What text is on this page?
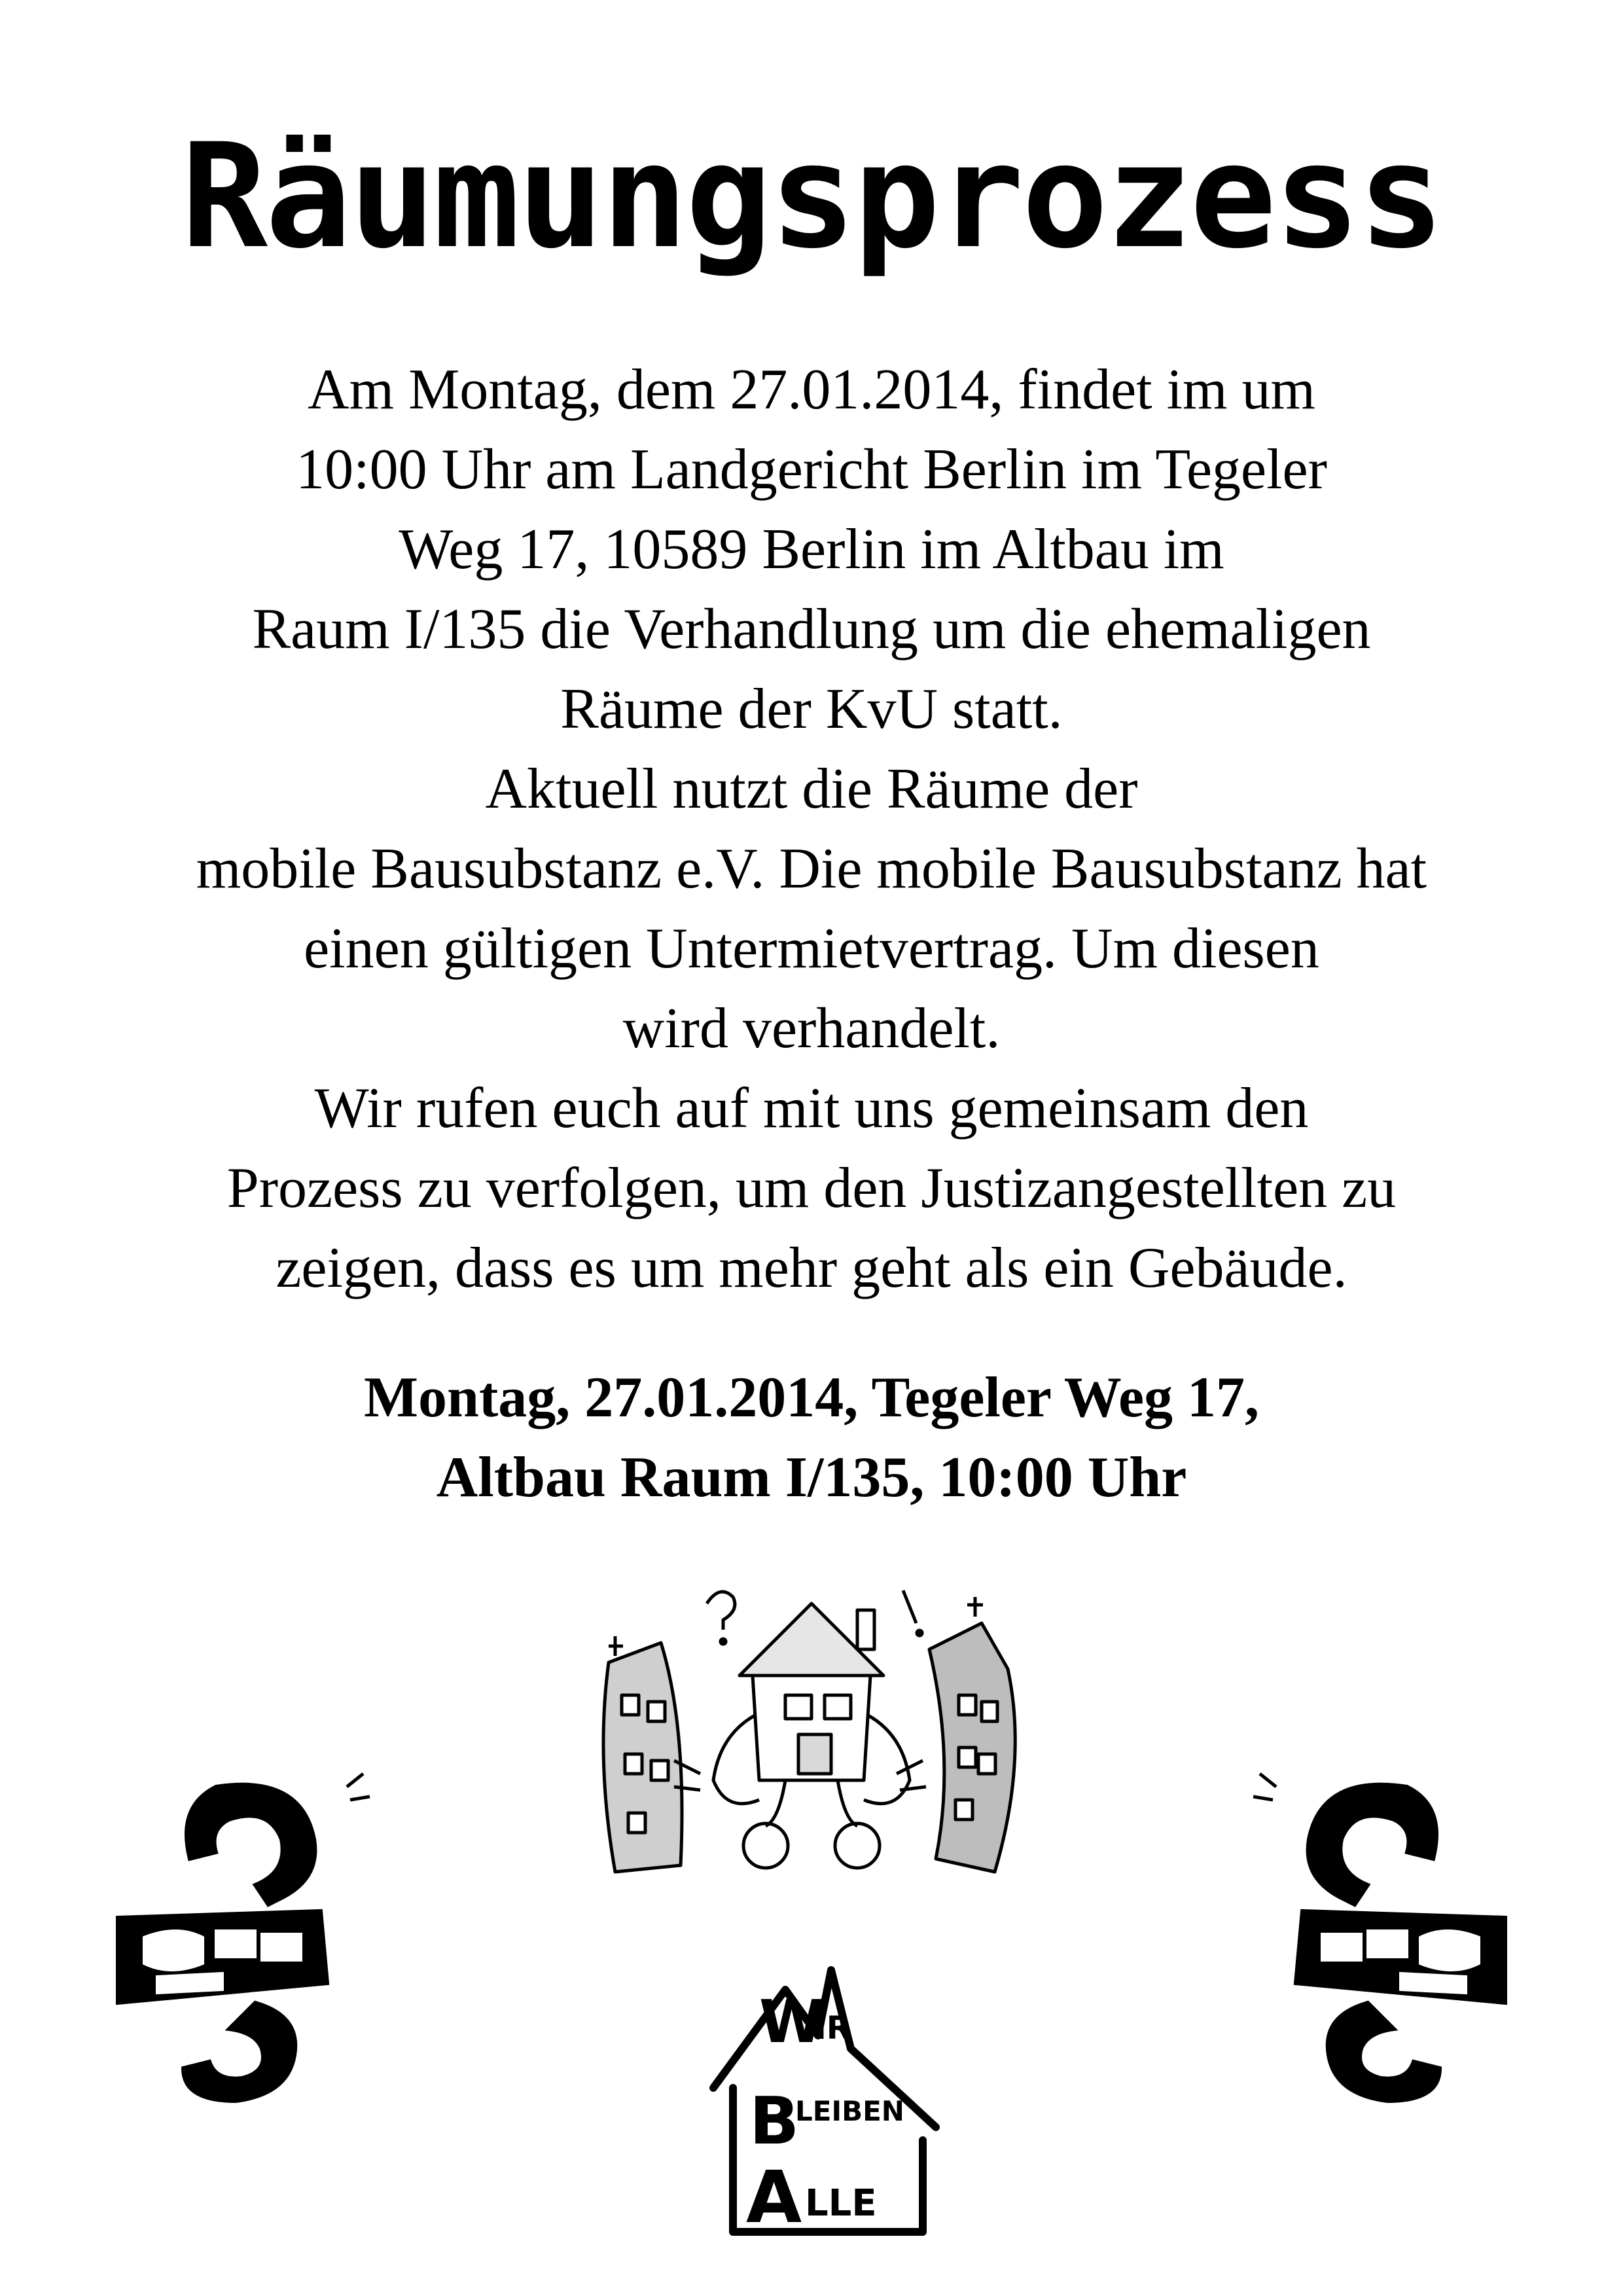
Räumungsprozess
Am Montag, dem 27.01.2014, findet im um
10:00 Uhr am Landgericht Berlin im Tegeler
Weg 17, 10589 Berlin im Altbau im
Raum I/135 die Verhandlung um die ehemaligen
Räume der KvU statt.
Aktuell nutzt die Räume der
mobile Bausubstanz e.V. Die mobile Bausubstanz hat
einen gültigen Untermietvertrag. Um diesen
wird verhandelt.
Wir rufen euch auf mit uns gemeinsam den
Prozess zu verfolgen, um den Justizangestellten zu
zeigen, dass es um mehr geht als ein Gebäude.
Montag, 27.01.2014, Tegeler Weg 17,
Altbau Raum I/135, 10:00 Uhr
W
IR
B
LEIBEN
A LLE
